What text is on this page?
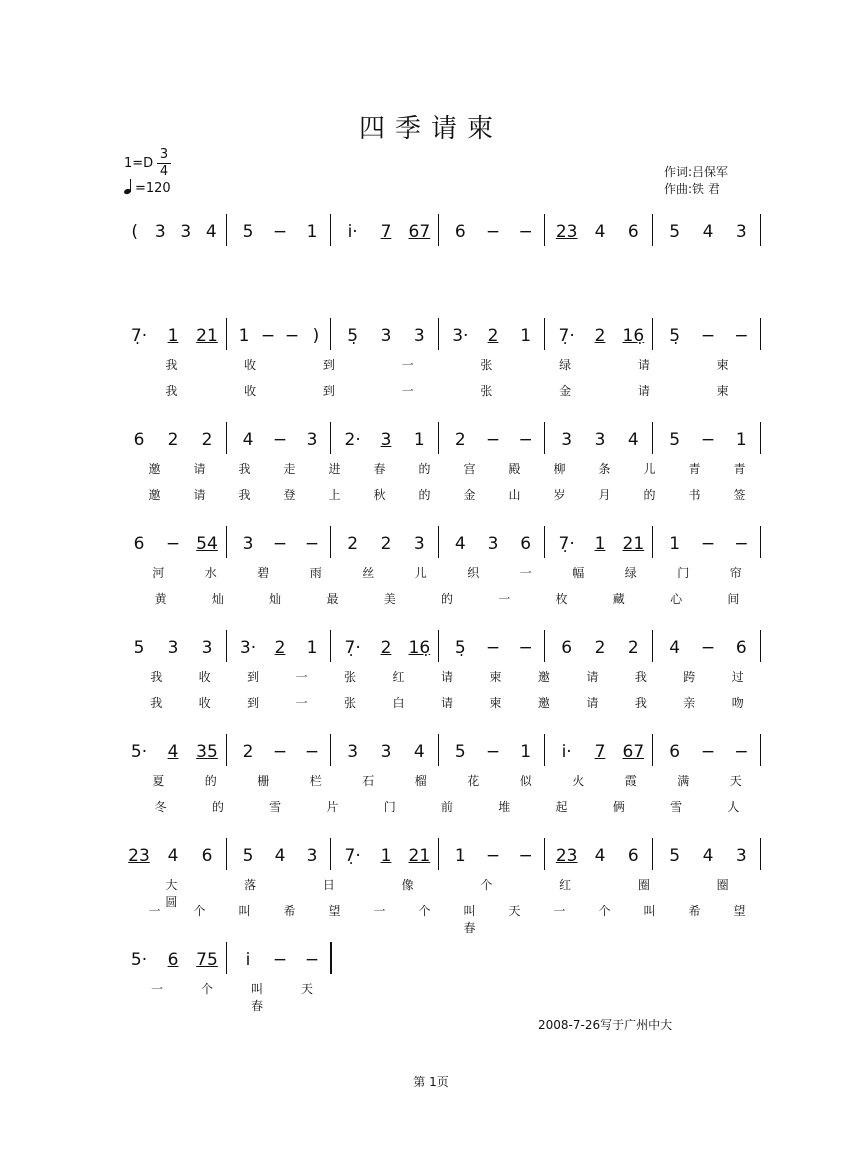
四季请柬
1=D
3
4
=120
作词:吕保军
作曲:铁 君
( 3 3 4	5	−	1	i̇·	7	67	6	−	−	23	4	6	5	4	3
7̣·	1	21	1 − − )	5̣	3	3	3·	2	1	7̣·	2	16̣	5̣	−	−
我	收	到	一	张	绿	请	柬
我	收	到	一	张	金	请	柬
6	2	2	4	−	3	2·	3	1	2	−	−	3	3	4	5	−	1
邀	请	我	走	进	春	的	宫	殿	柳	条	儿	青	青
邀	请	我	登	上	秋	的	金	山	岁	月	的	书	签
6	− 54	3	−	−	2	2	3	4	3	6	7̣·	1	21	1	−	−
河	水	碧	雨	丝	儿	织	一	幅	绿	门	帘
黄	灿	灿	最	美	的	一	枚	藏	心	间
5	3	3	3·	2	1	7̣·	2	16̣	5̣	−	−	6	2	2	4	−	6
我	收	到	一	张	红	请	柬	邀	请	我	跨	过
我	收	到	一	张	白	请	柬	邀	请	我	亲	吻
5·	4	35	2	−	−	3	3	4	5	−	1	i̇·	7	67	6	−	−
夏	的	栅	栏	石	榴	花	似	火	霞	满	天
冬	的	雪	片	门	前	堆	起	俩	雪	人
23	4	6	5	4	3	7̣·	1	21	1	−	−	23	4	6	5	4	3
大圆
落	日	像	个	红	圈	圈
一	个	叫	希	望	一	个	叫春
天	一	个	叫	希	望
5·	6	75	i̇	−	−
一	个	叫春
天
2008-7-26写于广州中大
第 1页
